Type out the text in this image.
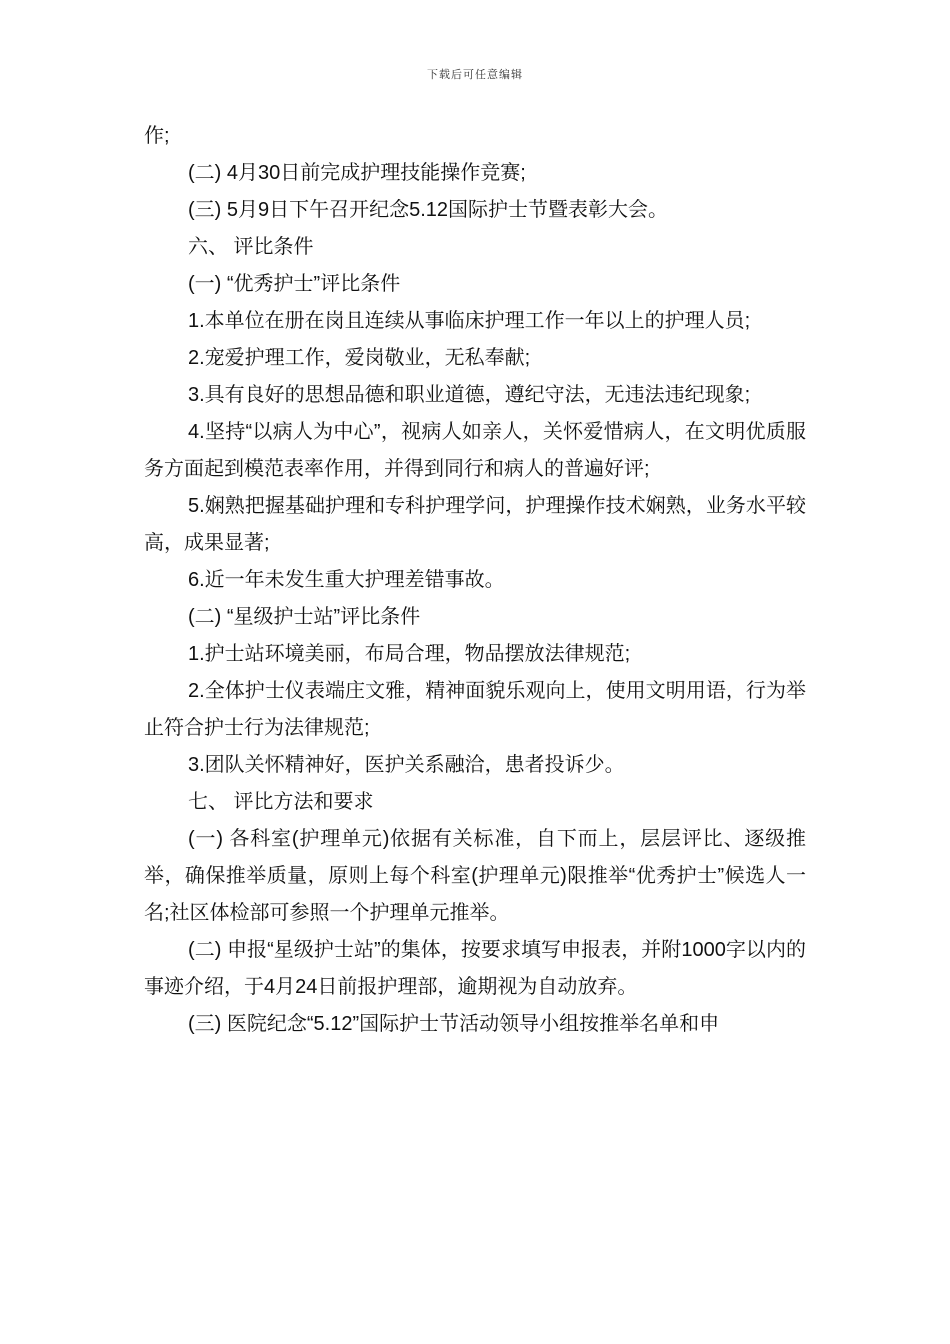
下载后可任意编辑

作;

(二) 4月30日前完成护理技能操作竞赛;

(三) 5月9日下午召开纪念5.12国际护士节暨表彰大会。

六、 评比条件

(一) “优秀护士”评比条件

1.本单位在册在岗且连续从事临床护理工作一年以上的护理人员;

2.宠爱护理工作，爱岗敬业，无私奉献;

3.具有良好的思想品德和职业道德，遵纪守法，无违法违纪现象;

4.坚持“以病人为中心”，视病人如亲人，关怀爱惜病人，在文明优质服务方面起到模范表率作用，并得到同行和病人的普遍好评;

5.娴熟把握基础护理和专科护理学问，护理操作技术娴熟，业务水平较高，成果显著;

6.近一年未发生重大护理差错事故。

(二) “星级护士站”评比条件

1.护士站环境美丽，布局合理，物品摆放法律规范;

2.全体护士仪表端庄文雅，精神面貌乐观向上，使用文明用语，行为举止符合护士行为法律规范;

3.团队关怀精神好，医护关系融洽，患者投诉少。

七、 评比方法和要求

(一) 各科室(护理单元)依据有关标准，自下而上，层层评比、逐级推举，确保推举质量，原则上每个科室(护理单元)限推举“优秀护士”候选人一名;社区体检部可参照一个护理单元推举。

(二) 申报“星级护士站”的集体，按要求填写申报表，并附1000字以内的事迹介绍，于4月24日前报护理部，逾期视为自动放弃。

(三) 医院纪念“5.12”国际护士节活动领导小组按推举名单和申
